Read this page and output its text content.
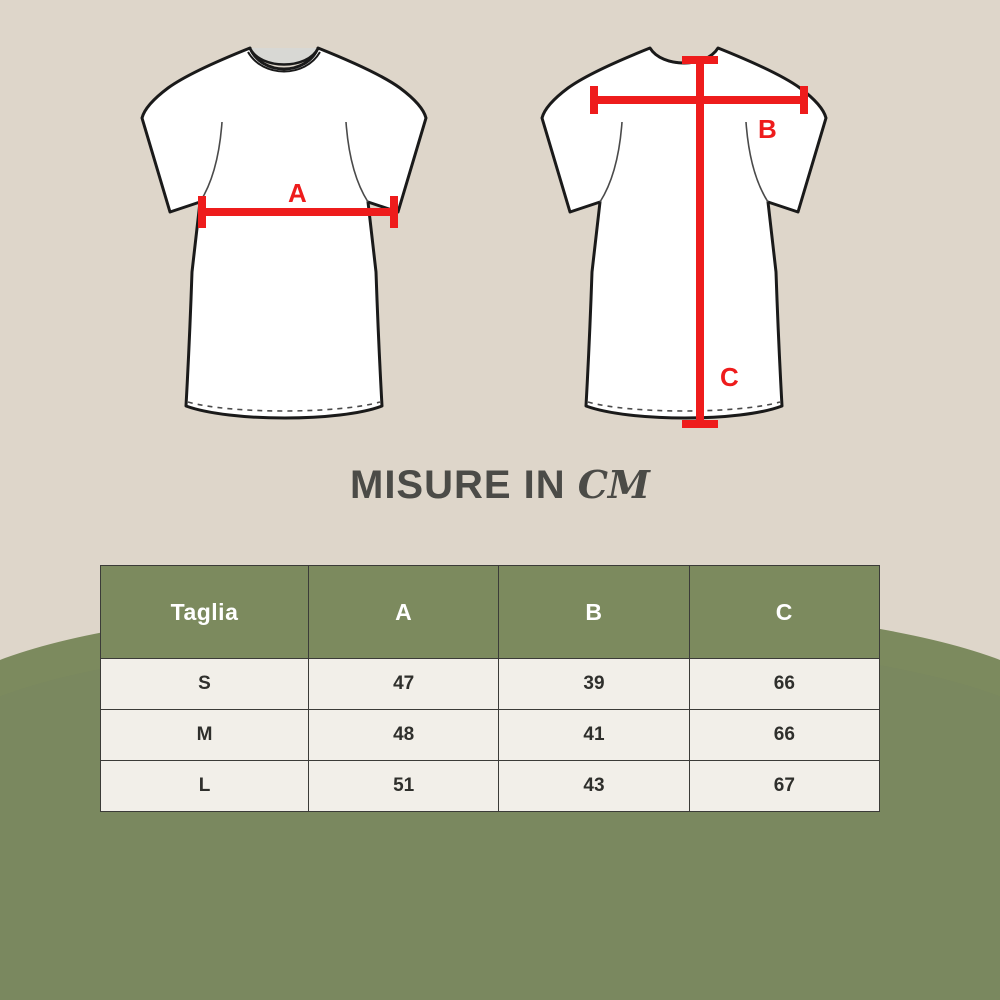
A
B
C
MISURE IN CM
Taglia	A	B	C
S	47	39	66
M	48	41	66
L	51	43	67
